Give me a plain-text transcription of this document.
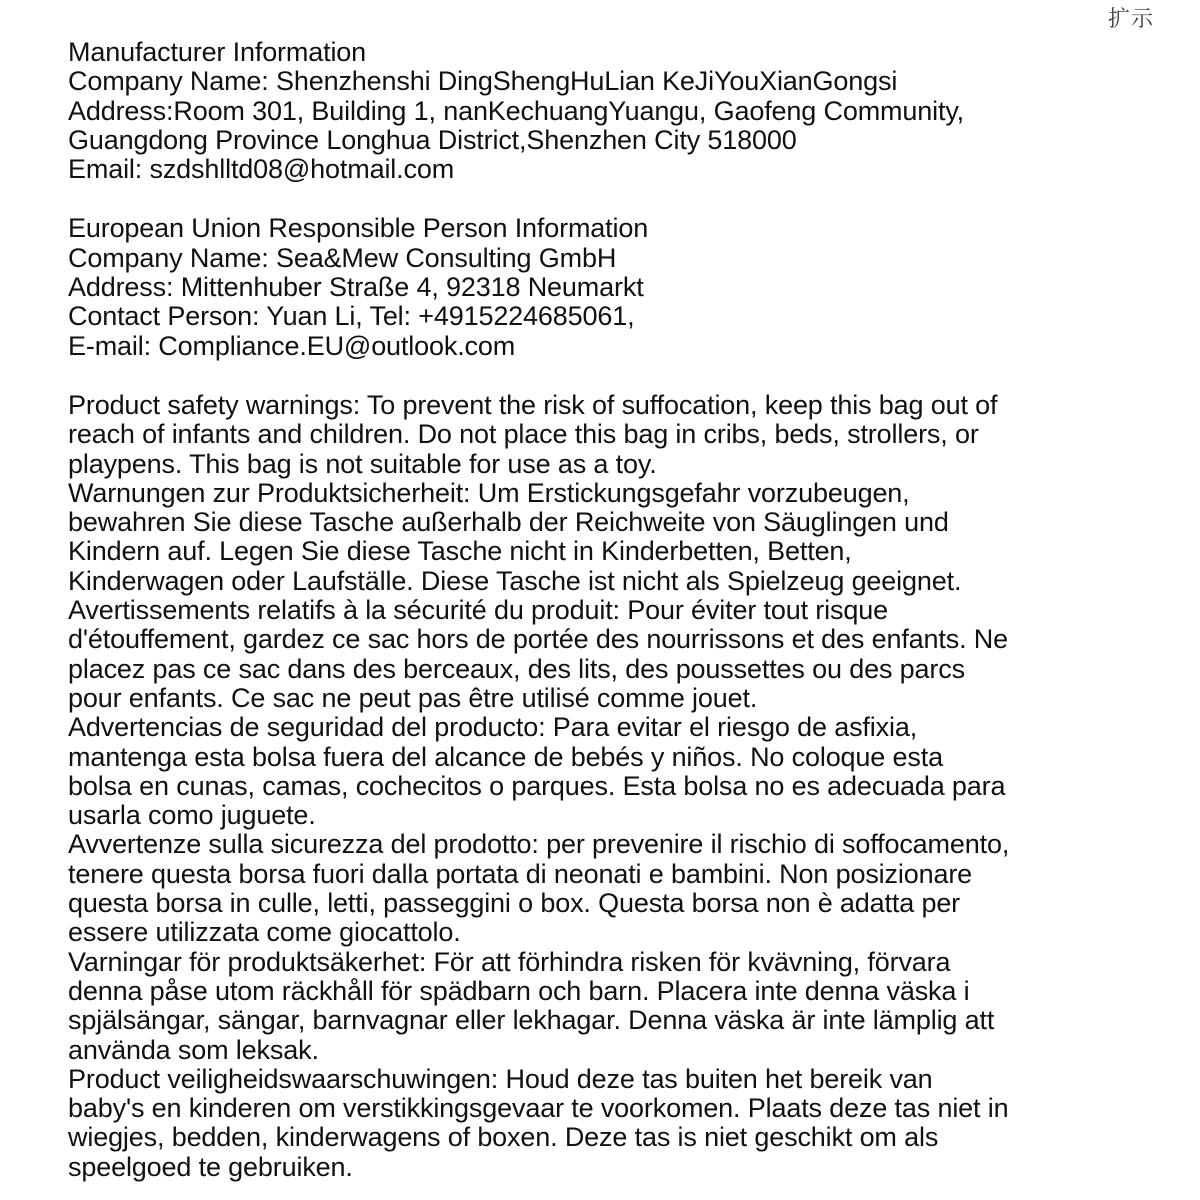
扩示
Manufacturer Information
Company Name: Shenzhenshi DingShengHuLian KeJiYouXianGongsi
Address:Room 301, Building 1, nanKechuangYuangu, Gaofeng Community,
Guangdong Province Longhua District,Shenzhen City 518000
Email: szdshlltd08@hotmail.com
European Union Responsible Person Information
Company Name: Sea&Mew Consulting GmbH
Address: Mittenhuber Straße 4, 92318 Neumarkt
Contact Person: Yuan Li, Tel: +4915224685061,
E-mail: Compliance.EU@outlook.com
Product safety warnings: To prevent the risk of suffocation, keep this bag out of
reach of infants and children. Do not place this bag in cribs, beds, strollers, or
playpens. This bag is not suitable for use as a toy.
Warnungen zur Produktsicherheit: Um Erstickungsgefahr vorzubeugen,
bewahren Sie diese Tasche außerhalb der Reichweite von Säuglingen und
Kindern auf. Legen Sie diese Tasche nicht in Kinderbetten, Betten,
Kinderwagen oder Laufställe. Diese Tasche ist nicht als Spielzeug geeignet.
Avertissements relatifs à la sécurité du produit: Pour éviter tout risque
d'étouffement, gardez ce sac hors de portée des nourrissons et des enfants. Ne
placez pas ce sac dans des berceaux, des lits, des poussettes ou des parcs
pour enfants. Ce sac ne peut pas être utilisé comme jouet.
Advertencias de seguridad del producto: Para evitar el riesgo de asfixia,
mantenga esta bolsa fuera del alcance de bebés y niños. No coloque esta
bolsa en cunas, camas, cochecitos o parques. Esta bolsa no es adecuada para
usarla como juguete.
Avvertenze sulla sicurezza del prodotto: per prevenire il rischio di soffocamento,
tenere questa borsa fuori dalla portata di neonati e bambini. Non posizionare
questa borsa in culle, letti, passeggini o box. Questa borsa non è adatta per
essere utilizzata come giocattolo.
Varningar för produktsäkerhet: För att förhindra risken för kvävning, förvara
denna påse utom räckhåll för spädbarn och barn. Placera inte denna väska i
spjälsängar, sängar, barnvagnar eller lekhagar. Denna väska är inte lämplig att
använda som leksak.
Product veiligheidswaarschuwingen: Houd deze tas buiten het bereik van
baby's en kinderen om verstikkingsgevaar te voorkomen. Plaats deze tas niet in
wiegjes, bedden, kinderwagens of boxen. Deze tas is niet geschikt om als
speelgoed te gebruiken.
